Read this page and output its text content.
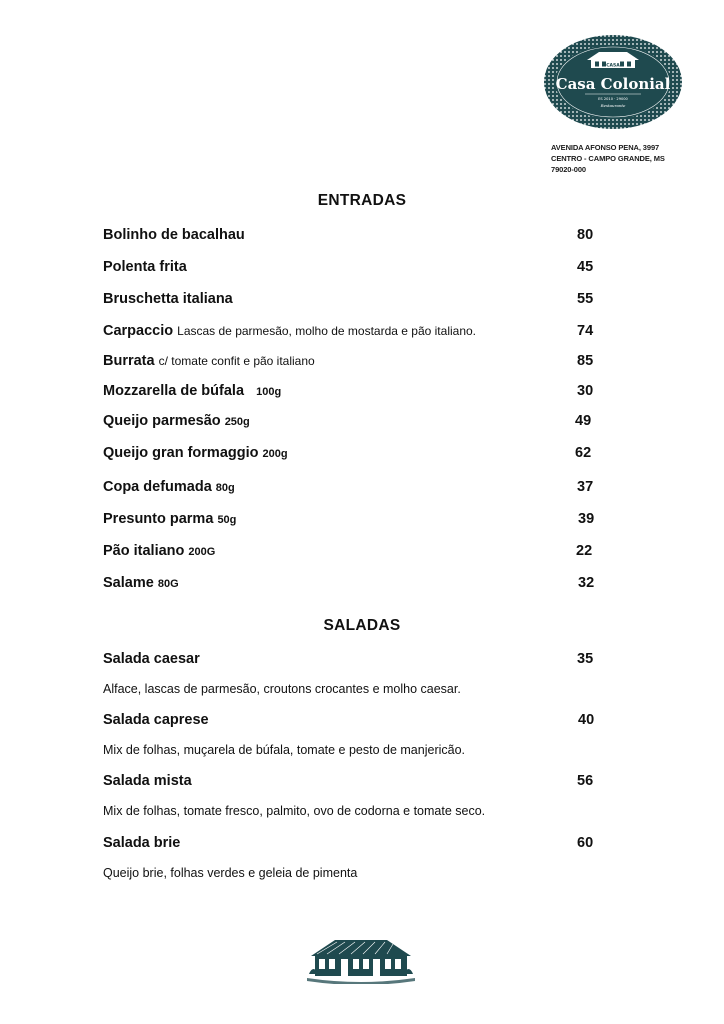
CASA
Casa Colonial
ES 2010 · 29000
Restaurante
AVENIDA AFONSO PENA, 3997
CENTRO - CAMPO GRANDE, MS
79020-000
ENTRADAS
Bolinho de bacalhau	80
Polenta frita	45
Bruschetta italiana	55
Carpaccio Lascas de parmesão, molho de mostarda e pão italiano.	74
Burrata c/ tomate confit e pão italiano	85
Mozzarella de búfala 100g	30
Queijo parmesão 250g	49
Queijo gran formaggio 200g	62
Copa defumada 80g	37
Presunto parma 50g	39
Pão italiano 200G	22
Salame 80G	32
SALADAS
Salada caesar	35
Alface, lascas de parmesão, croutons crocantes e molho caesar.
Salada caprese	40
Mix de folhas, muçarela de búfala, tomate e pesto de manjericão.
Salada mista	56
Mix de folhas, tomate fresco, palmito, ovo de codorna e tomate seco.
Salada brie	60
Queijo brie, folhas verdes e geleia de pimenta
